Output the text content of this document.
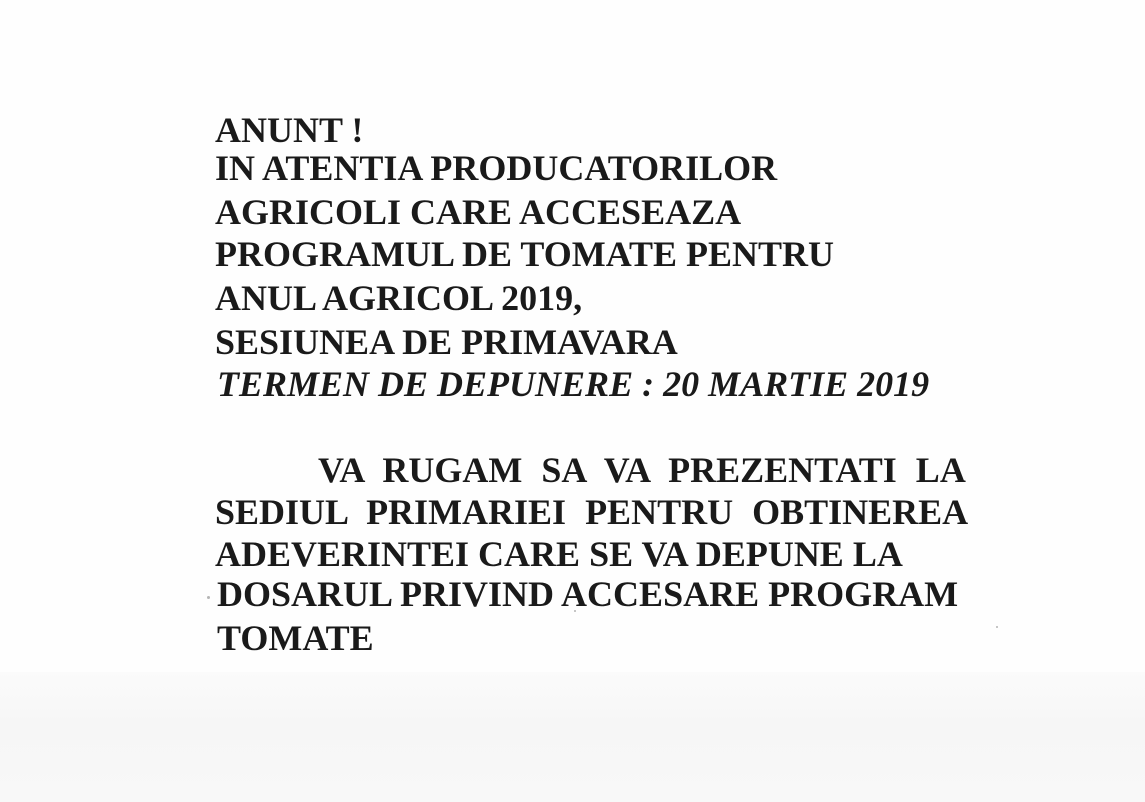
ANUNT !
IN ATENTIA PRODUCATORILOR
AGRICOLI CARE ACCESEAZA
PROGRAMUL DE TOMATE PENTRU
ANUL AGRICOL 2019,
SESIUNEA DE PRIMAVARA
TERMEN DE DEPUNERE : 20 MARTIE 2019
VA RUGAM SA VA PREZENTATI LA
SEDIUL PRIMARIEI PENTRU OBTINEREA
ADEVERINTEI CARE SE VA DEPUNE LA
DOSARUL PRIVIND ACCESARE PROGRAM
TOMATE
